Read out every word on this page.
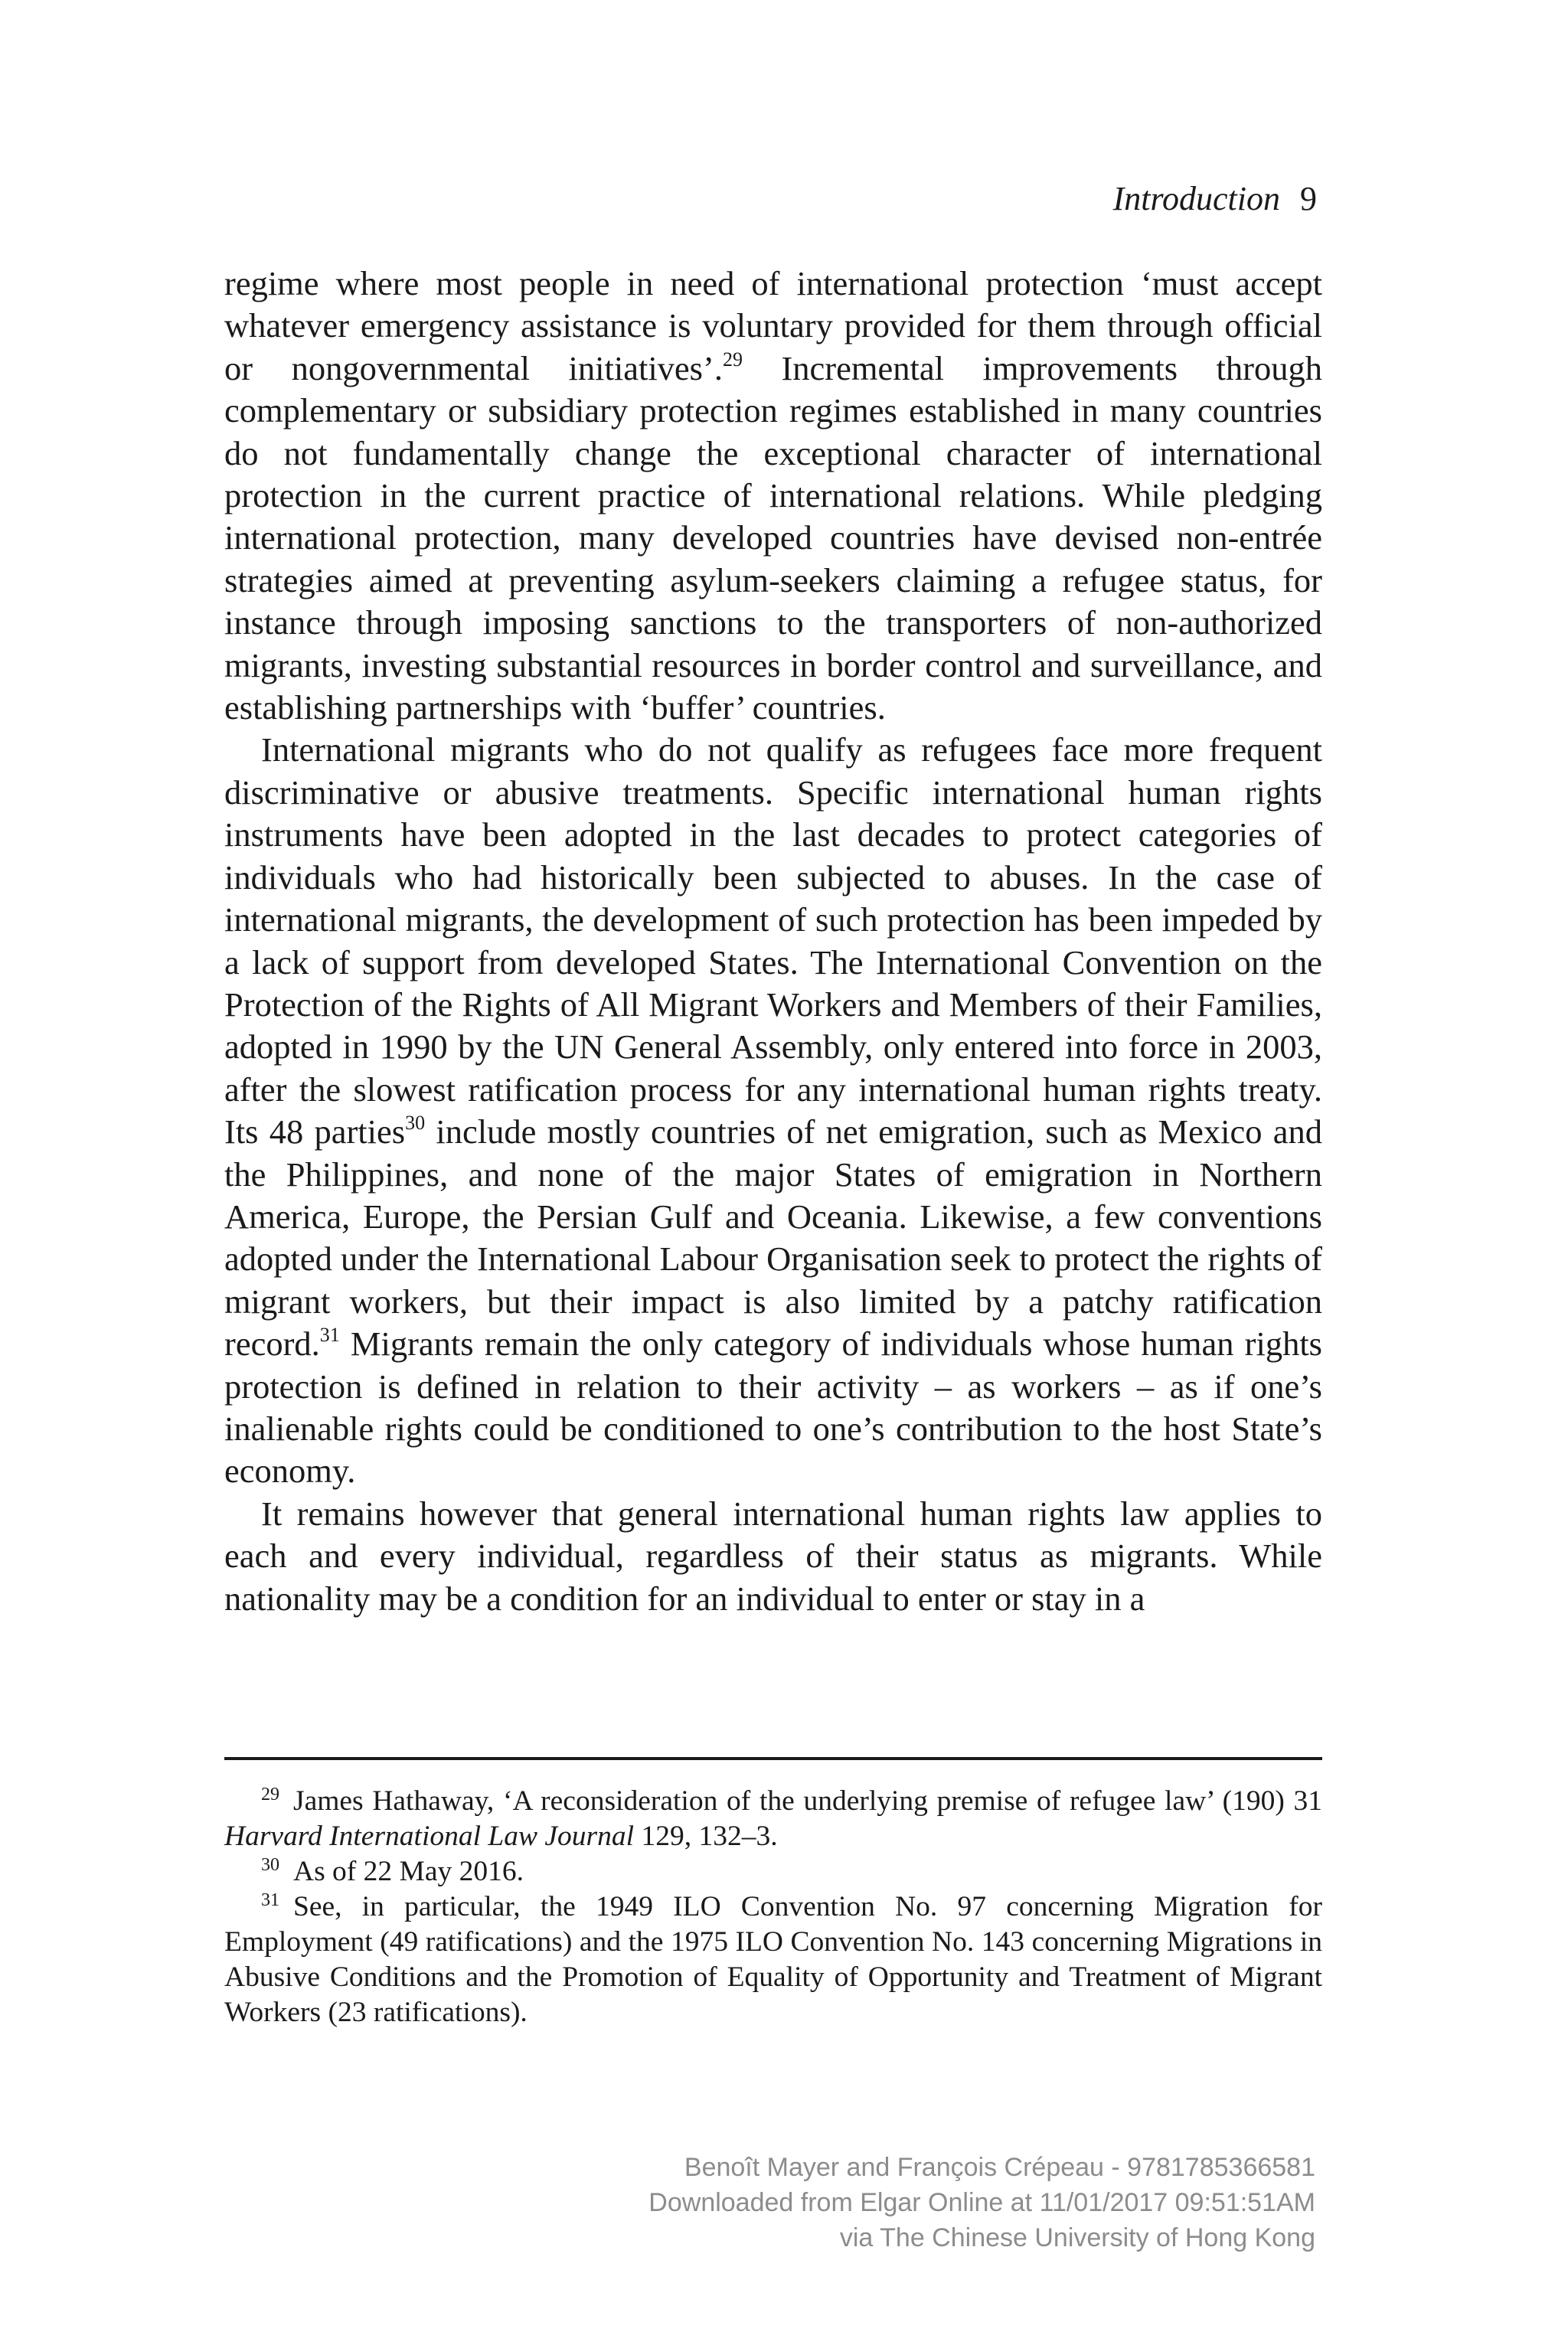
Introduction 9

regime where most people in need of international protection ‘must accept whatever emergency assistance is voluntary provided for them through official or nongovernmental initiatives’.$^{29}$ Incremental improvements through complementary or subsidiary protection regimes established in many countries do not fundamentally change the exceptional character of international protection in the current practice of international relations. While pledging international protection, many developed countries have devised non-entrée strategies aimed at preventing asylum-seekers claiming a refugee status, for instance through imposing sanctions to the transporters of non-authorized migrants, investing substantial resources in border control and surveillance, and establishing partnerships with ‘buffer’ countries.

International migrants who do not qualify as refugees face more frequent discriminative or abusive treatments. Specific international human rights instruments have been adopted in the last decades to protect categories of individuals who had historically been subjected to abuses. In the case of international migrants, the development of such protection has been impeded by a lack of support from developed States. The International Convention on the Protection of the Rights of All Migrant Workers and Members of their Families, adopted in 1990 by the UN General Assembly, only entered into force in 2003, after the slowest ratification process for any international human rights treaty. Its 48 parties$^{30}$ include mostly countries of net emigration, such as Mexico and the Philippines, and none of the major States of emigration in Northern America, Europe, the Persian Gulf and Oceania. Likewise, a few conventions adopted under the International Labour Organisation seek to protect the rights of migrant workers, but their impact is also limited by a patchy ratification record.$^{31}$ Migrants remain the only category of individuals whose human rights protection is defined in relation to their activity – as workers – as if one’s inalienable rights could be conditioned to one’s contribution to the host State’s economy.

It remains however that general international human rights law applies to each and every individual, regardless of their status as migrants. While nationality may be a condition for an individual to enter or stay in a

$^{29}$ James Hathaway, ‘A reconsideration of the underlying premise of refugee law’ (190) 31 Harvard International Law Journal 129, 132–3.

$^{30}$ As of 22 May 2016.

$^{31}$ See, in particular, the 1949 ILO Convention No. 97 concerning Migration for Employment (49 ratifications) and the 1975 ILO Convention No. 143 concerning Migrations in Abusive Conditions and the Promotion of Equality of Opportunity and Treatment of Migrant Workers (23 ratifications).

Benoît Mayer and François Crépeau - 9781785366581
Downloaded from Elgar Online at 11/01/2017 09:51:51AM
via The Chinese University of Hong Kong
